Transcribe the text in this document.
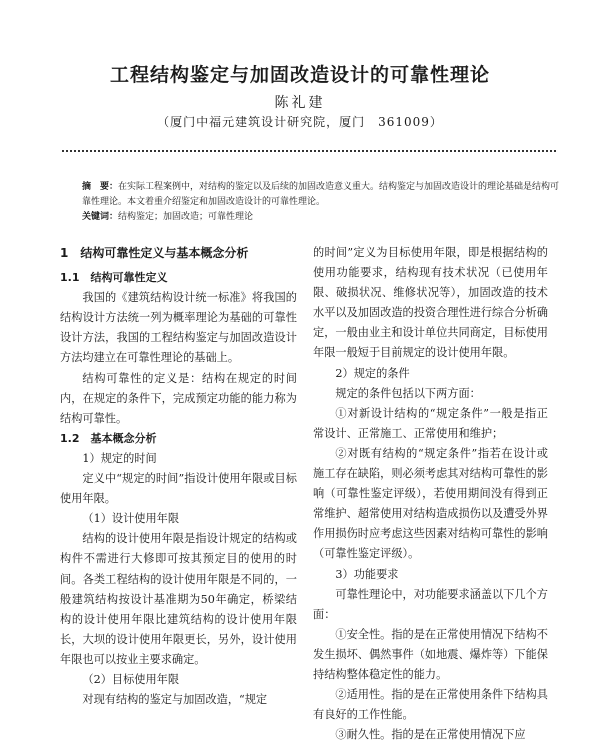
工程结构鉴定与加固改造设计的可靠性理论
陈礼建
（厦门中福元建筑设计研究院，厦门　361009）
摘　要：在实际工程案例中，对结构的鉴定以及后续的加固改造意义重大。结构鉴定与加固改造设计的理论基础是结构可靠性理论。本文着重介绍鉴定和加固改造设计的可靠性理论。
关键词：结构鉴定；加固改造；可靠性理论

1　结构可靠性定义与基本概念分析

1.1　结构可靠性定义

我国的《建筑结构设计统一标准》将我国的结构设计方法统一列为概率理论为基础的可靠性设计方法，我国的工程结构鉴定与加固改造设计方法均建立在可靠性理论的基础上。

结构可靠性的定义是：结构在规定的时间内，在规定的条件下，完成预定功能的能力称为结构可靠性。

1.2　基本概念分析

1）规定的时间

定义中“规定的时间”指设计使用年限或目标使用年限。

（1）设计使用年限

结构的设计使用年限是指设计规定的结构或构件不需进行大修即可按其预定目的使用的时间。各类工程结构的设计使用年限是不同的，一般建筑结构按设计基准期为50年确定，桥梁结构的设计使用年限比建筑结构的设计使用年限长，大坝的设计使用年限更长，另外，设计使用年限也可以按业主要求确定。

（2）目标使用年限

对现有结构的鉴定与加固改造，“规定

的时间”定义为目标使用年限，即是根据结构的使用功能要求，结构现有技术状况（已使用年限、破损状况、维修状况等），加固改造的技术水平以及加固改造的投资合理性进行综合分析确定，一般由业主和设计单位共同商定，目标使用年限一般短于目前规定的设计使用年限。

2）规定的条件

规定的条件包括以下两方面：

①对新设计结构的“规定条件”一般是指正常设计、正常施工、正常使用和维护；

②对既有结构的“规定条件”指若在设计或施工存在缺陷，则必须考虑其对结构可靠性的影响（可靠性鉴定评级），若使用期间没有得到正常维护、超常使用对结构造成损伤以及遭受外界作用损伤时应考虑这些因素对结构可靠性的影响（可靠性鉴定评级）。

3）功能要求

可靠性理论中，对功能要求涵盖以下几个方面：

①安全性。指的是在正常使用情况下结构不发生损坏、偶然事件（如地震、爆炸等）下能保持结构整体稳定性的能力。

②适用性。指的是在正常使用条件下结构具有良好的工作性能。

③耐久性。指的是在正常使用情况下应
